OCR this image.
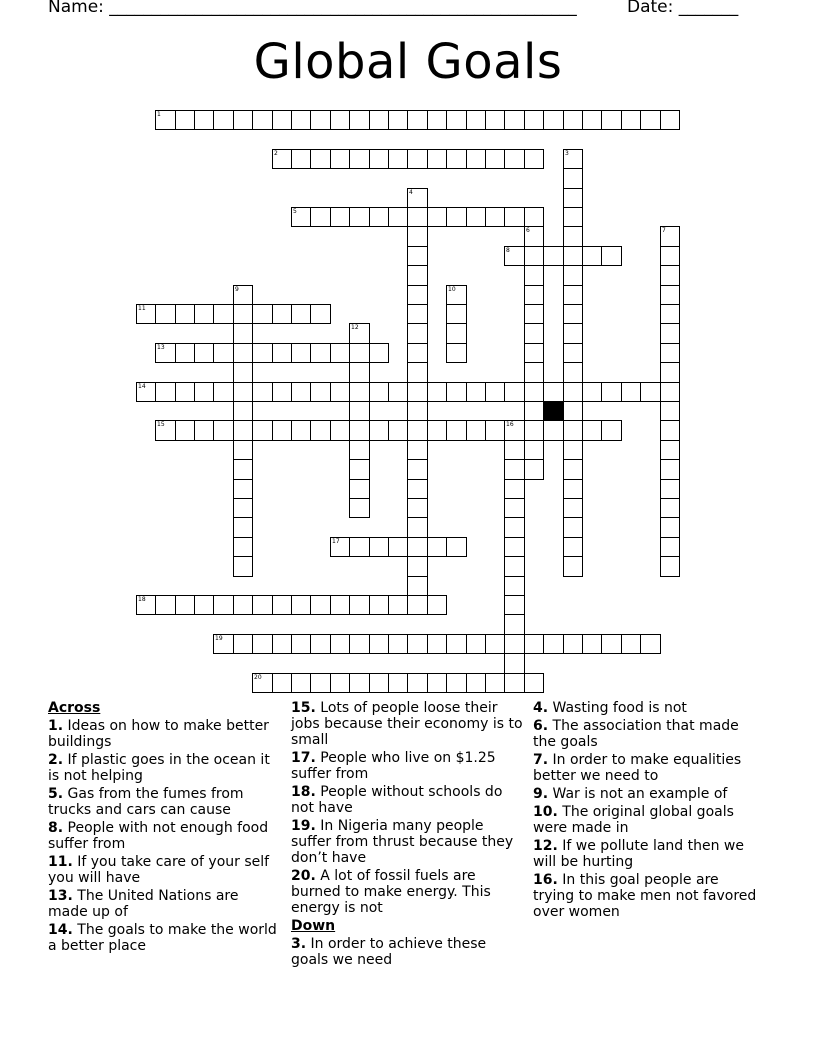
Name: _______________________________________________________	Date: _______
Global Goals
1
2	3
4
5
6	7
8
9	10
11
12
13
14
15	16
17
18
19
20
Across
1. Ideas on how to make better buildings
2. If plastic goes in the ocean it is not helping
5. Gas from the fumes from trucks and cars can cause
8. People with not enough food suffer from
11. If you take care of your self you will have
13. The United Nations are made up of
14. The goals to make the world a better place
15. Lots of people loose their jobs because their economy is to small
17. People who live on $1.25 suffer from
18. People without schools do not have
19. In Nigeria many people suffer from thrust because they don’t have
20. A lot of fossil fuels are burned to make energy. This energy is not
Down
3. In order to achieve these goals we need
4. Wasting food is not
6. The association that made the goals
7. In order to make equalities better we need to
9. War is not an example of
10. The original global goals were made in
12. If we pollute land then we will be hurting
16. In this goal people are trying to make men not favored over women
